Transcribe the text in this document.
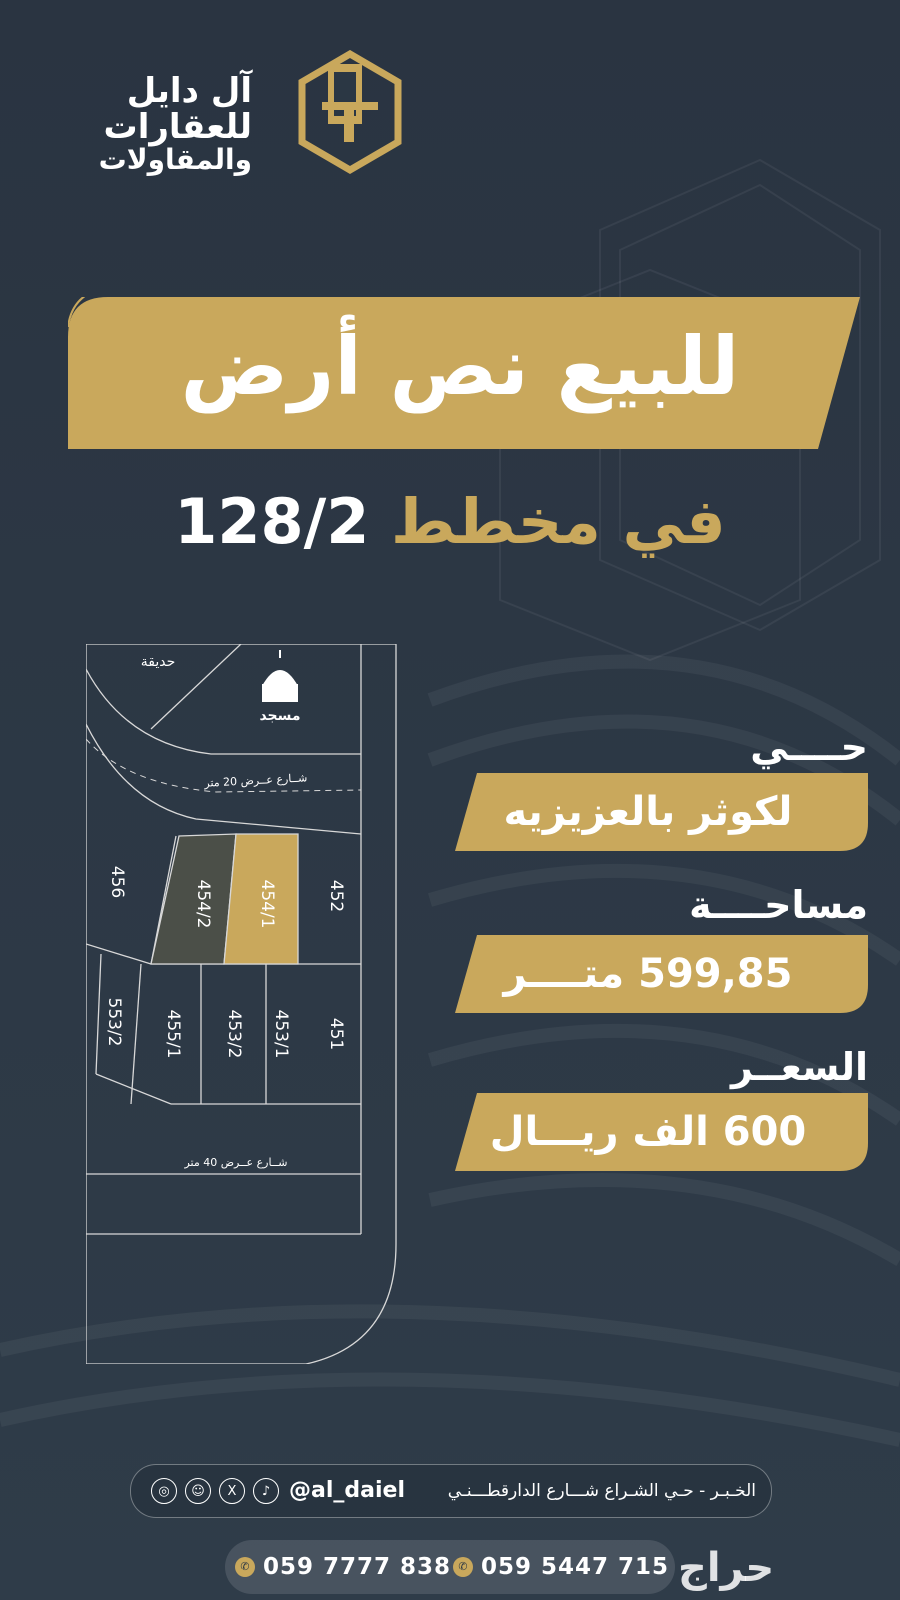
آل دايل للعقارات
والمقاولات
للبيع نص أرض
في مخطط 128/2
حديقة
مسجد
شــارع عــرض 20 متر
شــارع عــرض 40 متر
456	454/2	454/1	452
553/2 455/1 453/2 453/1 451
حــــي
لكوثر بالعزيزيه
مساحــــة
599,85 متــــر
السعــر
600 الف ريـــال
◎	☺	X	♪ @al_daiel	الخـبـر - حـي الشـراع شـــارع الدارقطـــنـي
✆ 059 7777 838 ✆ 059 5447 715 حراج
